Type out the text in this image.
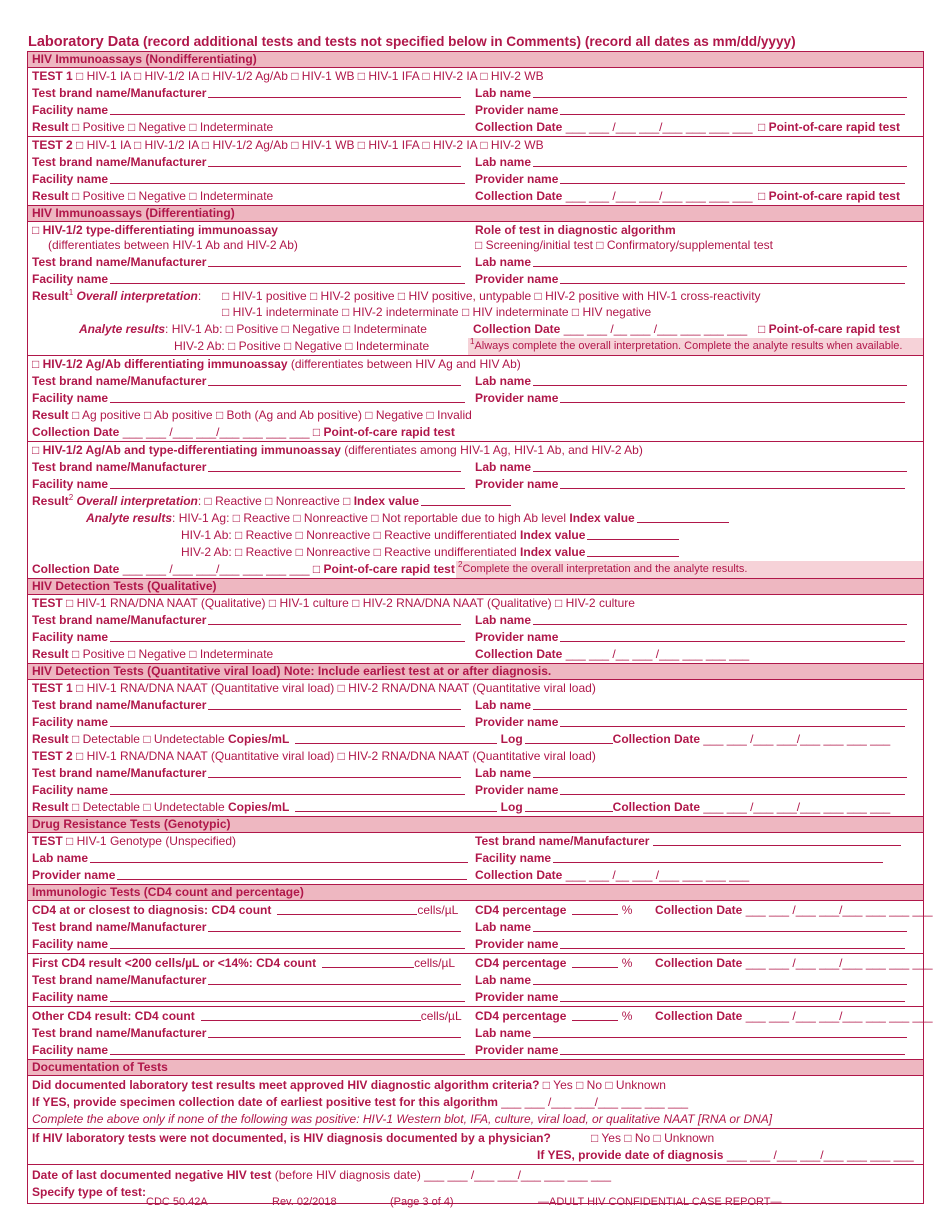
Laboratory Data (record additional tests and tests not specified below in Comments) (record all dates as mm/dd/yyyy)
HIV Immunoassays (Nondifferentiating)
TEST 1 □ HIV-1 IA □ HIV-1/2 IA □ HIV-1/2 Ag/Ab □ HIV-1 WB □ HIV-1 IFA □ HIV-2 IA □ HIV-2 WB
Test brand name/Manufacturer	Lab name
Facility name	Provider name
Result □ Positive □ Negative □ Indeterminate	Collection Date ___ ___ /___ ___/___ ___ ___ ___ □ Point-of-care rapid test
TEST 2 □ HIV-1 IA □ HIV-1/2 IA □ HIV-1/2 Ag/Ab □ HIV-1 WB □ HIV-1 IFA □ HIV-2 IA □ HIV-2 WB
Test brand name/Manufacturer	Lab name
Facility name	Provider name
Result □ Positive □ Negative □ Indeterminate	Collection Date ___ ___ /___ ___/___ ___ ___ ___ □ Point-of-care rapid test
HIV Immunoassays (Differentiating)
□ HIV-1/2 type-differentiating immunoassay	Role of test in diagnostic algorithm
(differentiates between HIV-1 Ab and HIV-2 Ab)	□ Screening/initial test □ Confirmatory/supplemental test
Test brand name/Manufacturer	Lab name
Facility name	Provider name
Result$^1$ Overall interpretation: □ HIV-1 positive □ HIV-2 positive □ HIV positive, untypable □ HIV-2 positive with HIV-1 cross-reactivity
□ HIV-1 indeterminate □ HIV-2 indeterminate □ HIV indeterminate □ HIV negative
Analyte results: HIV-1 Ab: □ Positive □ Negative □ Indeterminate	Collection Date ___ ___ /__ ___ /___ ___ ___ ___ □ Point-of-care rapid test
HIV-2 Ab: □ Positive □ Negative □ Indeterminate	$^1$Always complete the overall interpretation. Complete the analyte results when available.
□ HIV-1/2 Ag/Ab differentiating immunoassay (differentiates between HIV Ag and HIV Ab)
Test brand name/Manufacturer	Lab name
Facility name	Provider name
Result □ Ag positive □ Ab positive □ Both (Ag and Ab positive) □ Negative □ Invalid
Collection Date ___ ___ /___ ___/___ ___ ___ ___ □ Point-of-care rapid test
□ HIV-1/2 Ag/Ab and type-differentiating immunoassay (differentiates among HIV-1 Ag, HIV-1 Ab, and HIV-2 Ab)
Test brand name/Manufacturer	Lab name
Facility name	Provider name
Result$^2$ Overall interpretation: □ Reactive □ Nonreactive □ Index value
Analyte results: HIV-1 Ag: □ Reactive □ Nonreactive □ Not reportable due to high Ab level Index value
HIV-1 Ab: □ Reactive □ Nonreactive □ Reactive undifferentiated Index value
HIV-2 Ab: □ Reactive □ Nonreactive □ Reactive undifferentiated Index value
Collection Date ___ ___ /___ ___/___ ___ ___ ___ □ Point-of-care rapid test $^2$Complete the overall interpretation and the analyte results.
HIV Detection Tests (Qualitative)
TEST □ HIV-1 RNA/DNA NAAT (Qualitative) □ HIV-1 culture □ HIV-2 RNA/DNA NAAT (Qualitative) □ HIV-2 culture
Test brand name/Manufacturer	Lab name
Facility name	Provider name
Result □ Positive □ Negative □ Indeterminate	Collection Date ___ ___ /__ ___ /___ ___ ___ ___
HIV Detection Tests (Quantitative viral load) Note: Include earliest test at or after diagnosis.
TEST 1 □ HIV-1 RNA/DNA NAAT (Quantitative viral load) □ HIV-2 RNA/DNA NAAT (Quantitative viral load)
Test brand name/Manufacturer	Lab name
Facility name	Provider name
Result □ Detectable □ Undetectable Copies/mL	Log	Collection Date ___ ___ /___ ___/___ ___ ___ ___
TEST 2 □ HIV-1 RNA/DNA NAAT (Quantitative viral load) □ HIV-2 RNA/DNA NAAT (Quantitative viral load)
Test brand name/Manufacturer	Lab name
Facility name	Provider name
Result □ Detectable □ Undetectable Copies/mL	Log	Collection Date ___ ___ /___ ___/___ ___ ___ ___
Drug Resistance Tests (Genotypic)
TEST □ HIV-1 Genotype (Unspecified)	Test brand name/Manufacturer
Lab name	Facility name
Provider name	Collection Date ___ ___ /__ ___ /___ ___ ___ ___
Immunologic Tests (CD4 count and percentage)
CD4 at or closest to diagnosis: CD4 count	cells/µL CD4 percentage	% Collection Date ___ ___ /___ ___/___ ___ ___ ___
Test brand name/Manufacturer	Lab name
Facility name	Provider name
First CD4 result <200 cells/µL or <14%: CD4 count	cells/µL CD4 percentage	% Collection Date ___ ___ /___ ___/___ ___ ___ ___
Test brand name/Manufacturer	Lab name
Facility name	Provider name
Other CD4 result: CD4 count	cells/µL CD4 percentage	% Collection Date ___ ___ /___ ___/___ ___ ___ ___
Test brand name/Manufacturer	Lab name
Facility name	Provider name
Documentation of Tests
Did documented laboratory test results meet approved HIV diagnostic algorithm criteria? □ Yes □ No □ Unknown
If YES, provide specimen collection date of earliest positive test for this algorithm ___ ___ /___ ___/___ ___ ___ ___
Complete the above only if none of the following was positive: HIV-1 Western blot, IFA, culture, viral load, or qualitative NAAT [RNA or DNA]
If HIV laboratory tests were not documented, is HIV diagnosis documented by a physician?	□ Yes □ No □ Unknown
If YES, provide date of diagnosis ___ ___ /___ ___/___ ___ ___ ___
Date of last documented negative HIV test (before HIV diagnosis date) ___ ___ /___ ___/___ ___ ___ ___
Specify type of test:
CDC 50.42A	Rev. 02/2018	(Page 3 of 4)	—ADULT HIV CONFIDENTIAL CASE REPORT—
